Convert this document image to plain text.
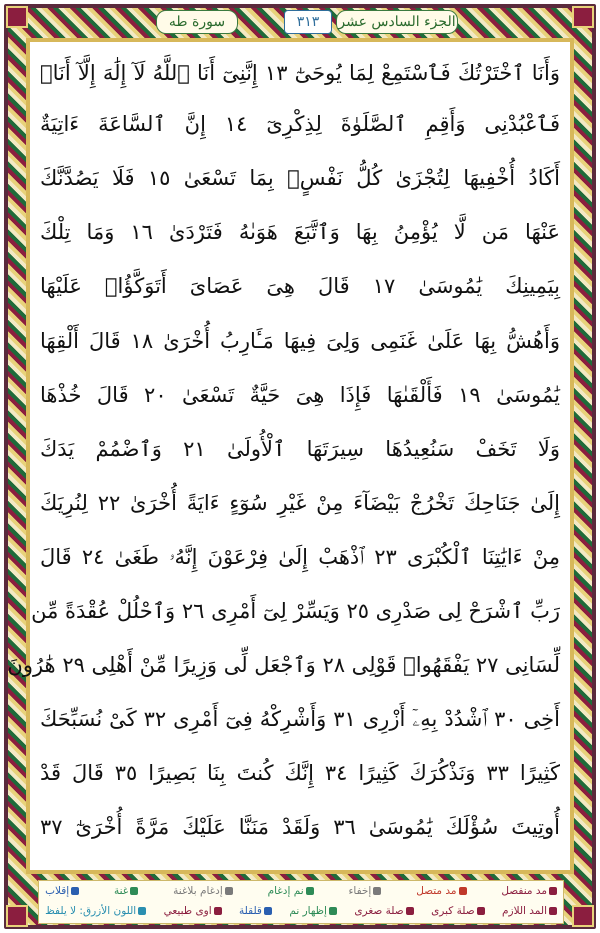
الجزء السادس عشر
٣١٣
سورة طه
وَأَنَا ٱخْتَرْتُكَ فَٱسْتَمِعْ لِمَا يُوحَىٰٓ ١٣ إِنَّنِىٓ أَنَا ٱللَّهُ لَآ إِلَٰهَ إِلَّآ أَنَا۠
فَٱعْبُدْنِى وَأَقِمِ ٱلصَّلَوٰةَ لِذِكْرِىٓ ١٤ إِنَّ ٱلسَّاعَةَ ءَاتِيَةٌ
أَكَادُ أُخْفِيهَا لِتُجْزَىٰ كُلُّ نَفْسٍۭ بِمَا تَسْعَىٰ ١٥ فَلَا يَصُدَّنَّكَ
عَنْهَا مَن لَّا يُؤْمِنُ بِهَا وَٱتَّبَعَ هَوَىٰهُ فَتَرْدَىٰ ١٦ وَمَا تِلْكَ
بِيَمِينِكَ يَٰمُوسَىٰ ١٧ قَالَ هِىَ عَصَاىَ أَتَوَكَّؤُا۟ عَلَيْهَا
وَأَهُشُّ بِهَا عَلَىٰ غَنَمِى وَلِىَ فِيهَا مَـَٔارِبُ أُخْرَىٰ ١٨ قَالَ أَلْقِهَا
يَٰمُوسَىٰ ١٩ فَأَلْقَىٰهَا فَإِذَا هِىَ حَيَّةٌ تَسْعَىٰ ٢٠ قَالَ خُذْهَا
وَلَا تَخَفْ سَنُعِيدُهَا سِيرَتَهَا ٱلْأُولَىٰ ٢١ وَٱضْمُمْ يَدَكَ
إِلَىٰ جَنَاحِكَ تَخْرُجْ بَيْضَآءَ مِنْ غَيْرِ سُوٓءٍ ءَايَةً أُخْرَىٰ ٢٢ لِنُرِيَكَ
مِنْ ءَايَٰتِنَا ٱلْكُبْرَى ٢٣ ٱذْهَبْ إِلَىٰ فِرْعَوْنَ إِنَّهُۥ طَغَىٰ ٢٤ قَالَ
رَبِّ ٱشْرَحْ لِى صَدْرِى ٢٥ وَيَسِّرْ لِىٓ أَمْرِى ٢٦ وَٱحْلُلْ عُقْدَةً مِّن
لِّسَانِى ٢٧ يَفْقَهُوا۟ قَوْلِى ٢٨ وَٱجْعَل لِّى وَزِيرًا مِّنْ أَهْلِى ٢٩ هَٰرُونَ
أَخِى ٣٠ ٱشْدُدْ بِهِۦٓ أَزْرِى ٣١ وَأَشْرِكْهُ فِىٓ أَمْرِى ٣٢ كَىْ نُسَبِّحَكَ
كَثِيرًا ٣٣ وَنَذْكُرَكَ كَثِيرًا ٣٤ إِنَّكَ كُنتَ بِنَا بَصِيرًا ٣٥ قَالَ قَدْ
أُوتِيتَ سُؤْلَكَ يَٰمُوسَىٰ ٣٦ وَلَقَدْ مَنَنَّا عَلَيْكَ مَرَّةً أُخْرَىٰٓ ٣٧
مد منفصل
مد متصل
إخفاء
نم إدغام
إدغام بلاغنة
غنة
إقلاب
المد اللازم
صلة كبرى
صلة صغرى
إظهار نم
قلقلة
اوى طبيعي
اللون الأزرق: لا يلفظ
